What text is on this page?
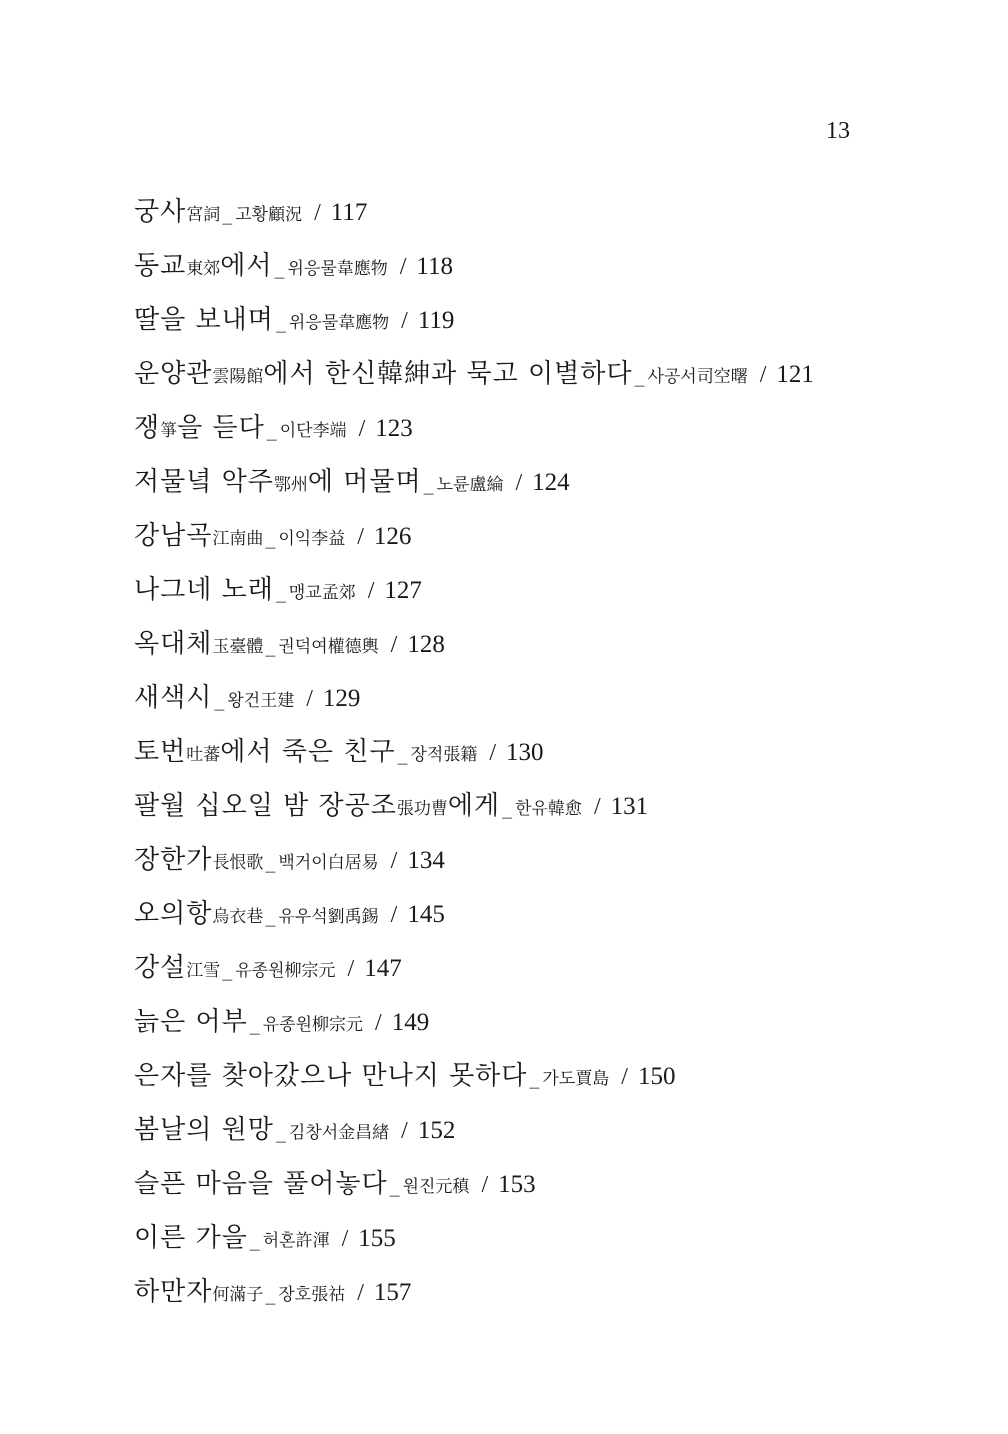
13
궁사宮詞 _ 고황顧況 / 117
동교東郊에서 _ 위응물韋應物 / 118
딸을 보내며 _ 위응물韋應物 / 119
운양관雲陽館에서 한신韓紳과 묵고 이별하다 _ 사공서司空曙 / 121
쟁箏을 듣다 _ 이단李端 / 123
저물녘 악주鄂州에 머물며 _ 노륜盧綸 / 124
강남곡江南曲 _ 이익李益 / 126
나그네 노래 _ 맹교孟郊 / 127
옥대체玉臺體 _ 권덕여權德輿 / 128
새색시 _ 왕건王建 / 129
토번吐蕃에서 죽은 친구 _ 장적張籍 / 130
팔월 십오일 밤 장공조張功曹에게 _ 한유韓愈 / 131
장한가長恨歌 _ 백거이白居易 / 134
오의항烏衣巷 _ 유우석劉禹錫 / 145
강설江雪 _ 유종원柳宗元 / 147
늙은 어부 _ 유종원柳宗元 / 149
은자를 찾아갔으나 만나지 못하다 _ 가도賈島 / 150
봄날의 원망 _ 김창서金昌緖 / 152
슬픈 마음을 풀어놓다 _ 원진元稹 / 153
이른 가을 _ 허혼許渾 / 155
하만자何滿子 _ 장호張祜 / 157
